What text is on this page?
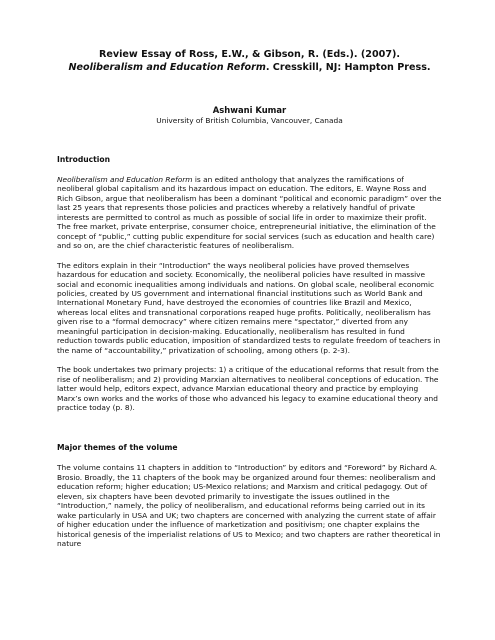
Review Essay of Ross, E.W., & Gibson, R. (Eds.). (2007).
Neoliberalism and Education Reform. Cresskill, NJ: Hampton Press.
Ashwani Kumar
University of British Columbia, Vancouver, Canada
Introduction

Neoliberalism and Education Reform is an edited anthology that analyzes the ramifications of neoliberal global capitalism and its hazardous impact on education. The editors, E. Wayne Ross and Rich Gibson, argue that neoliberalism has been a dominant “political and economic paradigm” over the last 25 years that represents those policies and practices whereby a relatively handful of private interests are permitted to control as much as possible of social life in order to maximize their profit. The free market, private enterprise, consumer choice, entrepreneurial initiative, the elimination of the concept of “public,” cutting public expenditure for social services (such as education and health care) and so on, are the chief characteristic features of neoliberalism.

The editors explain in their “Introduction” the ways neoliberal policies have proved themselves hazardous for education and society. Economically, the neoliberal policies have resulted in massive social and economic inequalities among individuals and nations. On global scale, neoliberal economic policies, created by US government and international financial institutions such as World Bank and International Monetary Fund, have destroyed the economies of countries like Brazil and Mexico, whereas local elites and transnational corporations reaped huge profits. Politically, neoliberalism has given rise to a “formal democracy” where citizen remains mere “spectator,” diverted from any meaningful participation in decision-making. Educationally, neoliberalism has resulted in fund reduction towards public education, imposition of standardized tests to regulate freedom of teachers in the name of “accountability,” privatization of schooling, among others (p. 2-3).

The book undertakes two primary projects: 1) a critique of the educational reforms that result from the rise of neoliberalism; and 2) providing Marxian alternatives to neoliberal conceptions of education. The latter would help, editors expect, advance Marxian educational theory and practice by employing Marx’s own works and the works of those who advanced his legacy to examine educational theory and practice today (p. 8).

Major themes of the volume

The volume contains 11 chapters in addition to “Introduction” by editors and “Foreword” by Richard A. Brosio. Broadly, the 11 chapters of the book may be organized around four themes: neoliberalism and education reform; higher education; US-Mexico relations; and Marxism and critical pedagogy. Out of eleven, six chapters have been devoted primarily to investigate the issues outlined in the “Introduction,” namely, the policy of neoliberalism, and educational reforms being carried out in its wake particularly in USA and UK; two chapters are concerned with analyzing the current state of affair of higher education under the influence of marketization and positivism; one chapter explains the historical genesis of the imperialist relations of US to Mexico; and two chapters are rather theoretical in nature
